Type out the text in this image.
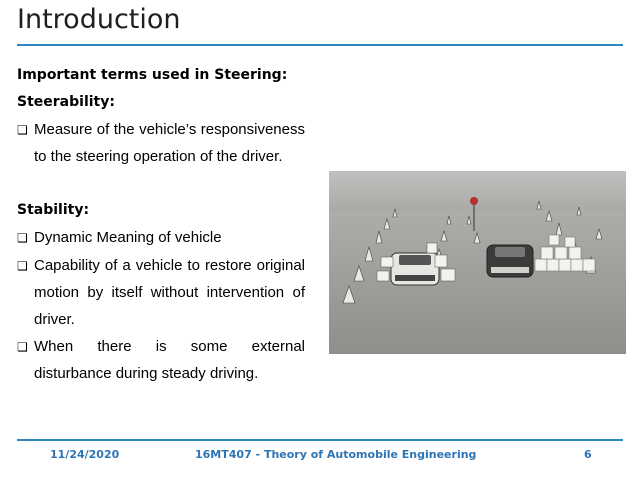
Introduction
Important terms used in Steering:
Steerability:
❑ Measure of the vehicle’s responsiveness to the steering operation of the driver.
Stability:
❑ Dynamic Meaning of vehicle
❑ Capability of a vehicle to restore original motion by itself without intervention of driver.
❑ When there is some external disturbance during steady driving.
11/24/2020	16MT407 - Theory of Automobile Engineering	6
